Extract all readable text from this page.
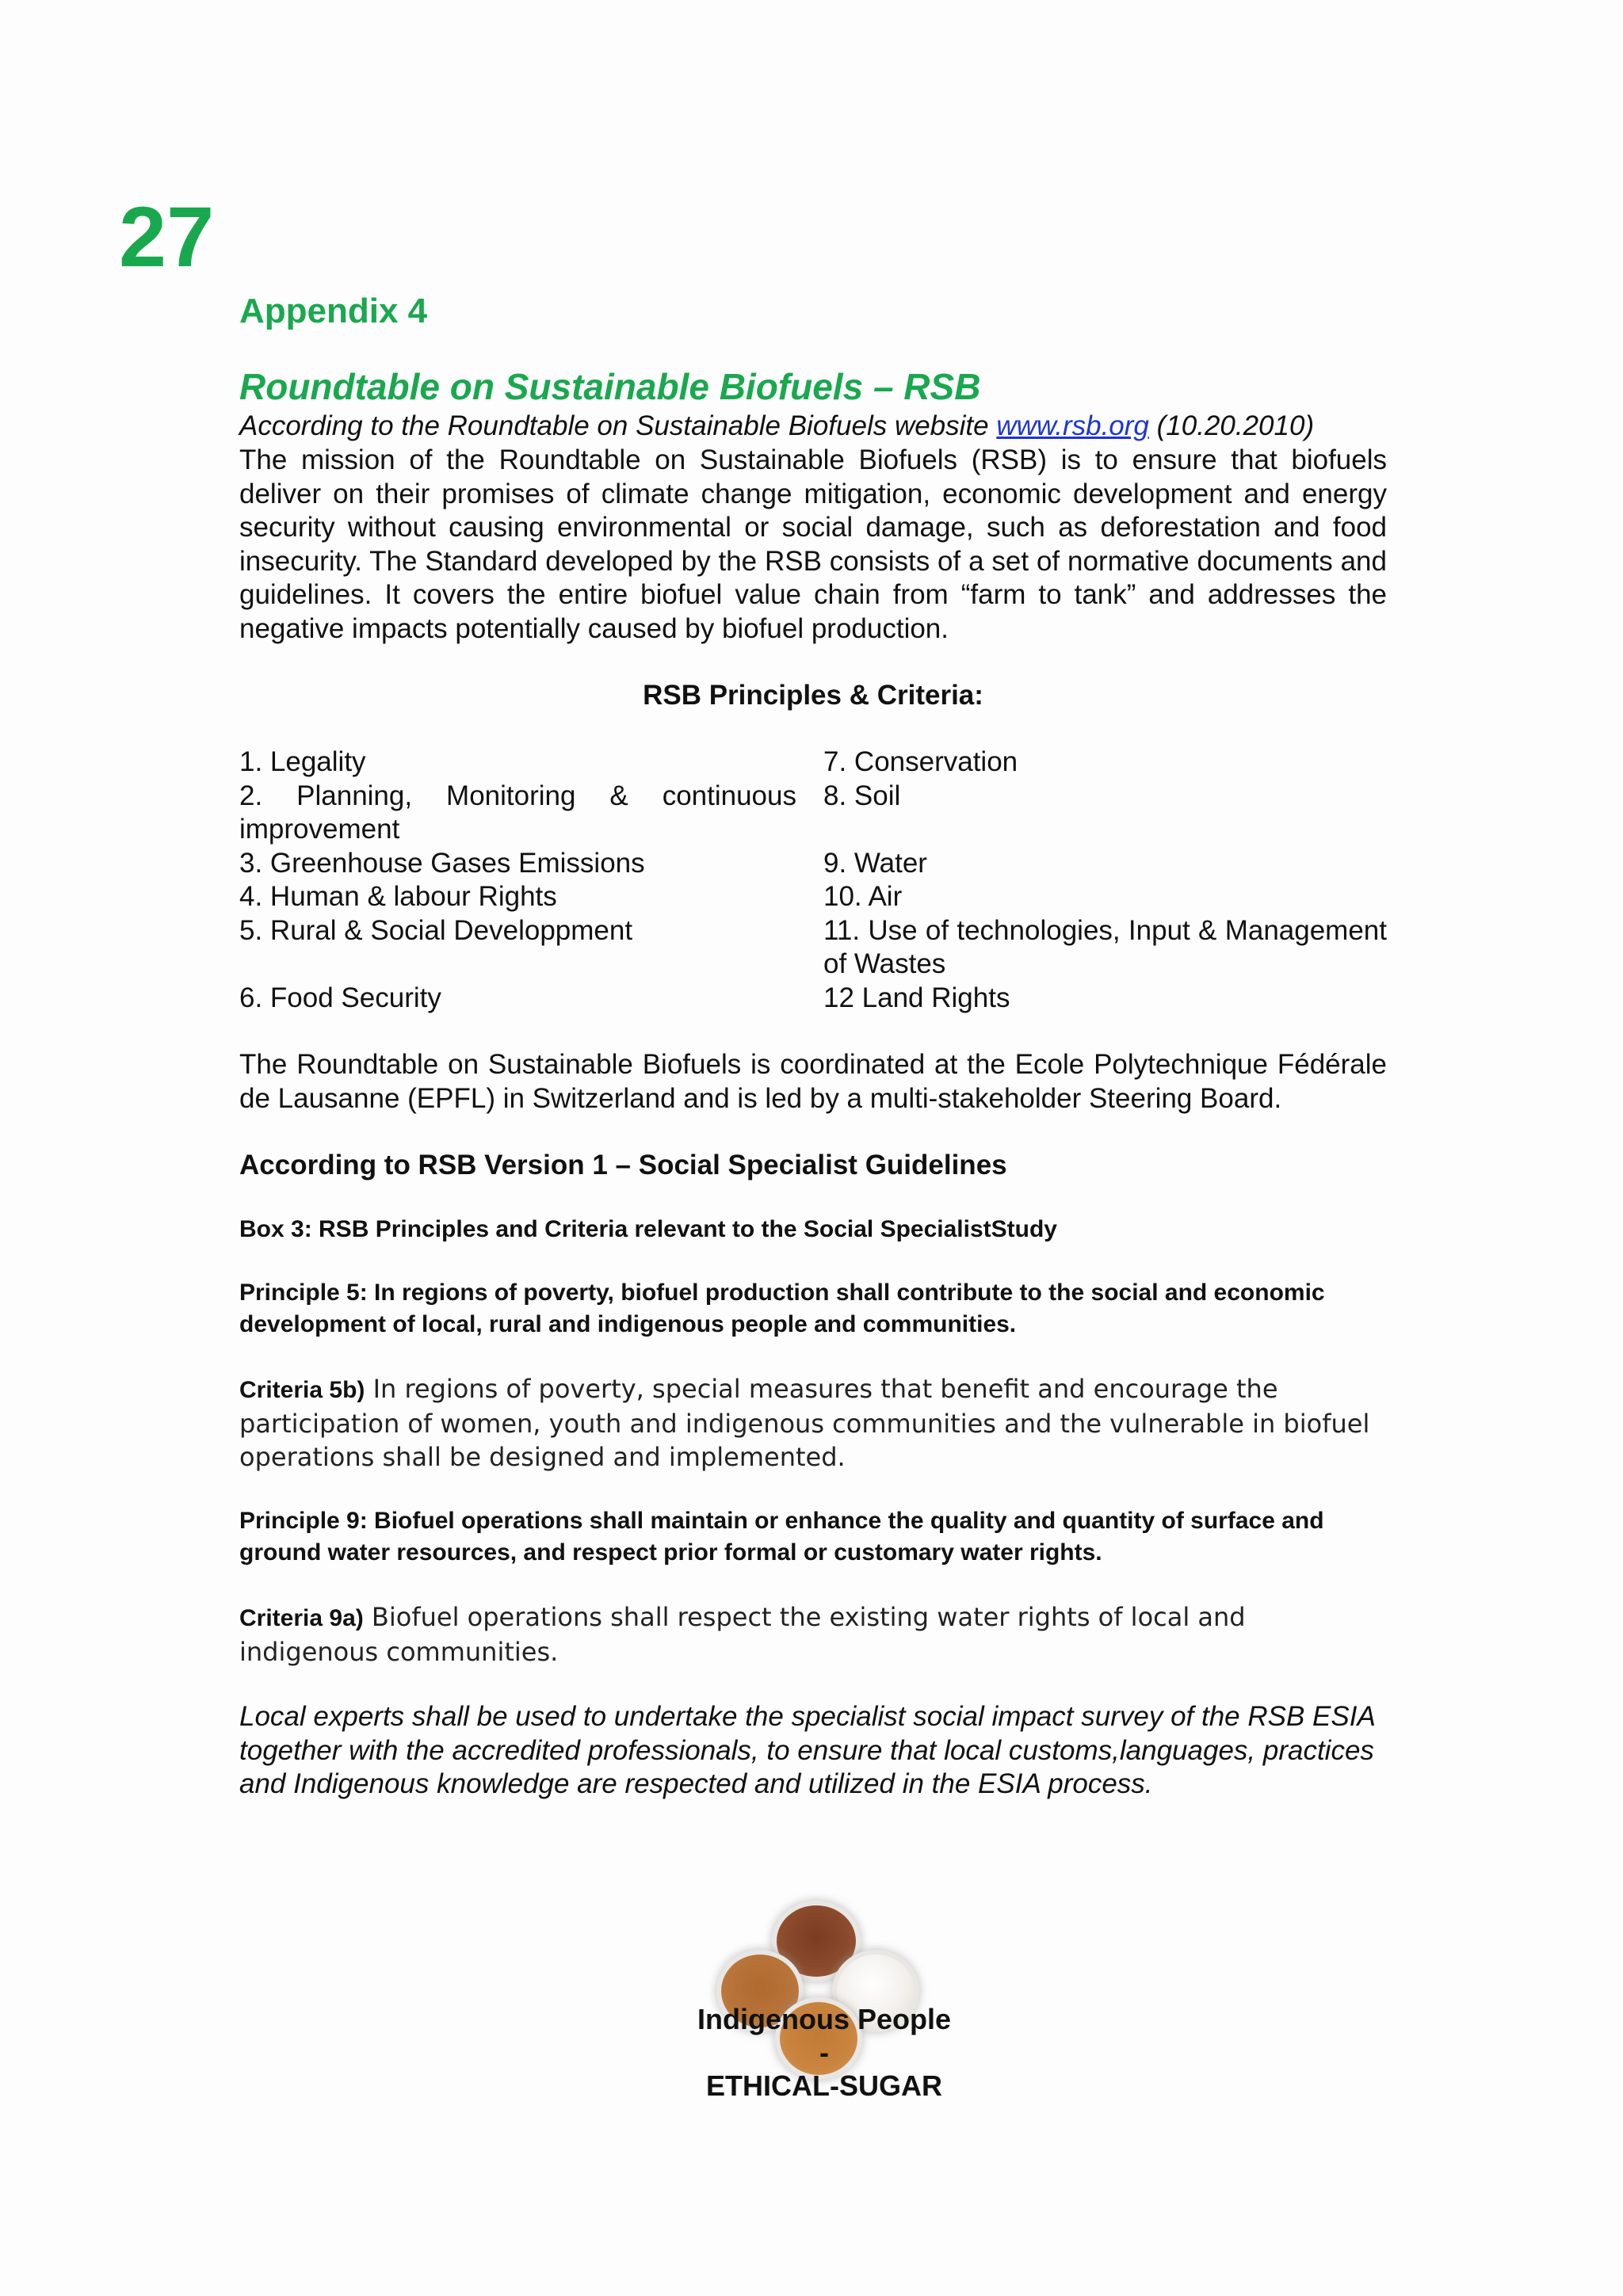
27
Appendix 4
Roundtable on Sustainable Biofuels – RSB

According to the Roundtable on Sustainable Biofuels website www.rsb.org (10.20.2010)

The mission of the Roundtable on Sustainable Biofuels (RSB) is to ensure that biofuels deliver on their promises of climate change mitigation, economic development and energy security without causing environmental or social damage, such as deforestation and food insecurity. The Standard developed by the RSB consists of a set of normative documents and guidelines. It covers the entire biofuel value chain from “farm to tank” and addresses the negative impacts potentially caused by biofuel production.

RSB Principles & Criteria:

1. Legality	7. Conservation
2. Planning, Monitoring & continuous improvement	8. Soil
3. Greenhouse Gases Emissions	9. Water
4. Human & labour Rights	10. Air
5. Rural & Social Developpment	11. Use of technologies, Input & Management of Wastes
6. Food Security	12 Land Rights

The Roundtable on Sustainable Biofuels is coordinated at the Ecole Polytechnique Fédérale de Lausanne (EPFL) in Switzerland and is led by a multi-stakeholder Steering Board.

According to RSB Version 1 – Social Specialist Guidelines

Box 3: RSB Principles and Criteria relevant to the Social SpecialistStudy

Principle 5: In regions of poverty, biofuel production shall contribute to the social and economic development of local, rural and indigenous people and communities.

Criteria 5b) In regions of poverty, special measures that benefit and encourage the participation of women, youth and indigenous communities and the vulnerable in biofuel operations shall be designed and implemented.

Principle 9: Biofuel operations shall maintain or enhance the quality and quantity of surface and ground water resources, and respect prior formal or customary water rights.

Criteria 9a) Biofuel operations shall respect the existing water rights of local and indigenous communities.

Local experts shall be used to undertake the specialist social impact survey of the RSB ESIA together with the accredited professionals, to ensure that local customs,languages, practices and Indigenous knowledge are respected and utilized in the ESIA process.

Indigenous People
-
ETHICAL-SUGAR
